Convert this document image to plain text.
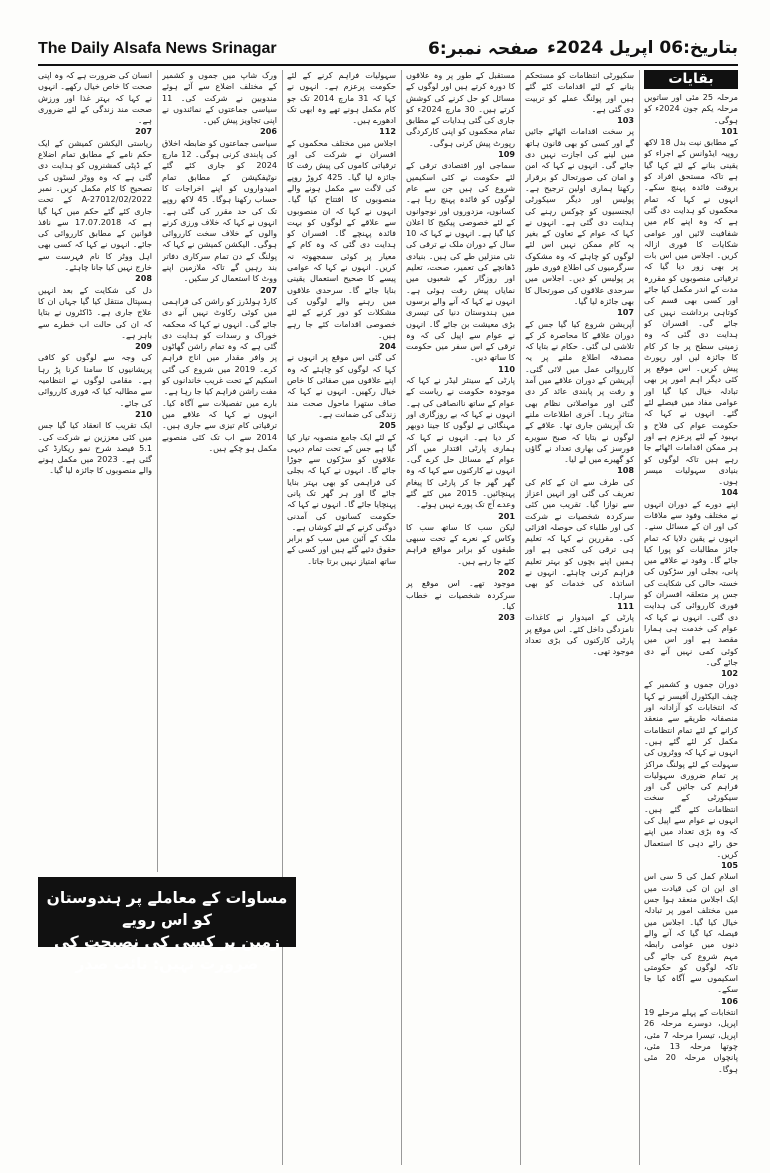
The Daily Alsafa News Srinagar	صفحہ نمبر:6 بتاریخ:06 اپریل 2024ء
بقایات

مرحلہ 25 مئی اور ساتویں مرحلہ یکم جون 2024ء کو ہوگی۔

101

کے مطابق نیت بدل 18 لاکھ روپیہ ایڈوانس کے اجراء کو یقینی بنانے کے لئے کہا گیا ہے تاکہ مستحق افراد کو بروقت فائدہ پہنچ سکے۔ انہوں نے کہا کہ تمام محکموں کو ہدایت دی گئی ہے کہ وہ اپنے کام میں شفافیت لائیں اور عوامی شکایات کا فوری ازالہ کریں۔ اجلاس میں اس بات پر بھی زور دیا گیا کہ ترقیاتی منصوبوں کو مقررہ مدت کے اندر مکمل کیا جائے اور کسی بھی قسم کی کوتاہی برداشت نہیں کی جائے گی۔ افسران کو ہدایت دی گئی کہ وہ زمینی سطح پر جا کر کام کا جائزہ لیں اور رپورٹ پیش کریں۔ اس موقع پر کئی دیگر اہم امور پر بھی تبادلہ خیال کیا گیا اور عوامی مفاد میں فیصلے لئے گئے۔ انہوں نے کہا کہ حکومت عوام کی فلاح و بہبود کے لئے پرعزم ہے اور ہر ممکن اقدامات اٹھائے جا رہے ہیں تاکہ لوگوں کو بنیادی سہولیات میسر ہوں۔

104

اپنے دورے کے دوران انہوں نے مختلف وفود سے ملاقات کی اور ان کے مسائل سنے۔ انہوں نے یقین دلایا کہ تمام جائز مطالبات کو پورا کیا جائے گا۔ وفود نے علاقے میں پانی، بجلی اور سڑکوں کی خستہ حالی کی شکایت کی جس پر متعلقہ افسران کو فوری کارروائی کی ہدایت دی گئی۔ انہوں نے کہا کہ عوام کی خدمت ہی ہمارا مقصد ہے اور اس میں کوئی کمی نہیں آنے دی جائے گی۔

102

دوران جموں و کشمیر کے چیف الیکٹورل آفیسر نے کہا کہ انتخابات کو آزادانہ اور منصفانہ طریقے سے منعقد کرانے کے لئے تمام انتظامات مکمل کر لئے گئے ہیں۔ انہوں نے کہا کہ ووٹروں کی سہولت کے لئے پولنگ مراکز پر تمام ضروری سہولیات فراہم کی جائیں گی اور سیکورٹی کے سخت انتظامات کئے گئے ہیں۔ انہوں نے عوام سے اپیل کی کہ وہ بڑی تعداد میں اپنے حق رائے دہی کا استعمال کریں۔

105

اسلام کمل کی 5 سی اس ای این ان کی قیادت میں ایک اجلاس منعقد ہوا جس میں مختلف امور پر تبادلہ خیال کیا گیا۔ اجلاس میں فیصلہ کیا گیا کہ آنے والے دنوں میں عوامی رابطہ مہم شروع کی جائے گی تاکہ لوگوں کو حکومتی اسکیموں سے آگاہ کیا جا سکے۔

106

انتخابات کے پہلے مرحلے 19 اپریل، دوسرے مرحلہ 26 اپریل، تیسرا مرحلہ 7 مئی، چوتھا مرحلہ 13 مئی، پانچواں مرحلہ 20 مئی ہوگا۔

سکیورٹی انتظامات کو مستحکم بنانے کے لئے اقدامات کئے گئے ہیں اور پولنگ عملے کو تربیت دی گئی ہے۔

103

پر سخت اقدامات اٹھائے جائیں گے اور کسی کو بھی قانون ہاتھ میں لینے کی اجازت نہیں دی جائے گی۔ انہوں نے کہا کہ امن و امان کی صورتحال کو برقرار رکھنا ہماری اولین ترجیح ہے۔ پولیس اور دیگر سیکورٹی ایجنسیوں کو چوکس رہنے کی ہدایت دی گئی ہے۔ انہوں نے کہا کہ عوام کے تعاون کے بغیر یہ کام ممکن نہیں اس لئے لوگوں کو چاہئے کہ وہ مشکوک سرگرمیوں کی اطلاع فوری طور پر پولیس کو دیں۔ اجلاس میں سرحدی علاقوں کی صورتحال کا بھی جائزہ لیا گیا۔

107

آپریشن شروع کیا گیا جس کے دوران علاقے کا محاصرہ کر کے تلاشی لی گئی۔ حکام نے بتایا کہ مصدقہ اطلاع ملنے پر یہ کارروائی عمل میں لائی گئی۔ آپریشن کے دوران علاقے میں آمد و رفت پر پابندی عائد کر دی گئی اور مواصلاتی نظام بھی متاثر رہا۔ آخری اطلاعات ملنے تک آپریشن جاری تھا۔ علاقے کے لوگوں نے بتایا کہ صبح سویرے فورسز کی بھاری تعداد نے گاؤں کو گھیرے میں لے لیا۔

108

کی طرف سے ان کے کام کی تعریف کی گئی اور انہیں اعزاز سے نوازا گیا۔ تقریب میں کئی سرکردہ شخصیات نے شرکت کی اور طلباء کی حوصلہ افزائی کی۔ مقررین نے کہا کہ تعلیم ہی ترقی کی کنجی ہے اور ہمیں اپنے بچوں کو بہتر تعلیم فراہم کرنی چاہئے۔ انہوں نے اساتذہ کی خدمات کو بھی سراہا۔

111

پارٹی کے امیدوار نے کاغذات نامزدگی داخل کئے۔ اس موقع پر پارٹی کارکنوں کی بڑی تعداد موجود تھی۔

مستقبل کے طور پر وہ علاقوں کا دورہ کرتے ہیں اور لوگوں کے مسائل کو حل کرنے کی کوشش کرتے ہیں۔ 30 مارچ 2024ء کو جاری کی گئی ہدایات کے مطابق تمام محکموں کو اپنی کارکردگی رپورٹ پیش کرنی ہوگی۔

109

سماجی اور اقتصادی ترقی کے لئے حکومت نے کئی اسکیمیں شروع کی ہیں جن سے عام لوگوں کو فائدہ پہنچ رہا ہے۔ کسانوں، مزدوروں اور نوجوانوں کے لئے خصوصی پیکیج کا اعلان کیا گیا ہے۔ انہوں نے کہا کہ 10 سال کے دوران ملک نے ترقی کی نئی منزلیں طے کی ہیں۔ بنیادی ڈھانچے کی تعمیر، صحت، تعلیم اور روزگار کے شعبوں میں نمایاں پیش رفت ہوئی ہے۔ انہوں نے کہا کہ آنے والے برسوں میں ہندوستان دنیا کی تیسری بڑی معیشت بن جائے گا۔ انہوں نے عوام سے اپیل کی کہ وہ ترقی کے اس سفر میں حکومت کا ساتھ دیں۔

110

پارٹی کے سینئر لیڈر نے کہا کہ موجودہ حکومت نے ریاست کے عوام کے ساتھ ناانصافی کی ہے۔ انہوں نے کہا کہ بے روزگاری اور مہنگائی نے لوگوں کا جینا دوبھر کر دیا ہے۔ انہوں نے کہا کہ ہماری پارٹی اقتدار میں آکر عوام کے مسائل حل کرے گی۔ انہوں نے کارکنوں سے کہا کہ وہ گھر گھر جا کر پارٹی کا پیغام پہنچائیں۔ 2015 میں کئے گئے وعدے آج تک پورے نہیں ہوئے۔

201

لیکن سب کا ساتھ سب کا وکاس کے نعرے کے تحت سبھی طبقوں کو برابر مواقع فراہم کئے جا رہے ہیں۔

202

موجود تھے۔ اس موقع پر سرکردہ شخصیات نے خطاب کیا۔

203

سہولیات فراہم کرنے کے لئے حکومت پرعزم ہے۔ انہوں نے کہا کہ 31 مارچ 2014 تک جو کام مکمل ہونے تھے وہ ابھی تک ادھورے ہیں۔

112

اجلاس میں مختلف محکموں کے افسران نے شرکت کی اور ترقیاتی کاموں کی پیش رفت کا جائزہ لیا گیا۔ 425 کروڑ روپے کی لاگت سے مکمل ہونے والے منصوبوں کا افتتاح کیا گیا۔ انہوں نے کہا کہ ان منصوبوں سے علاقے کے لوگوں کو بہت فائدہ پہنچے گا۔ افسران کو ہدایت دی گئی کہ وہ کام کے معیار پر کوئی سمجھوتہ نہ کریں۔ انہوں نے کہا کہ عوامی پیسے کا صحیح استعمال یقینی بنایا جائے گا۔ سرحدی علاقوں میں رہنے والے لوگوں کی مشکلات کو دور کرنے کے لئے خصوصی اقدامات کئے جا رہے ہیں۔

204

کی گئی اس موقع پر انہوں نے کہا کہ لوگوں کو چاہئے کہ وہ اپنے علاقوں میں صفائی کا خاص خیال رکھیں۔ انہوں نے کہا کہ صاف ستھرا ماحول صحت مند زندگی کی ضمانت ہے۔

205

کے لئے ایک جامع منصوبہ تیار کیا گیا ہے جس کے تحت تمام دیہی علاقوں کو سڑکوں سے جوڑا جائے گا۔ انہوں نے کہا کہ بجلی کی فراہمی کو بھی بہتر بنایا جائے گا اور ہر گھر تک پانی پہنچایا جائے گا۔ انہوں نے کہا کہ حکومت کسانوں کی آمدنی دوگنی کرنے کے لئے کوشاں ہے۔

ملک کے آئین میں سب کو برابر حقوق دئیے گئے ہیں اور کسی کے ساتھ امتیاز نہیں برتا جاتا۔

ورک شاپ میں جموں و کشمیر کے مختلف اضلاع سے آئے ہوئے مندوبین نے شرکت کی۔ 11 سیاسی جماعتوں کے نمائندوں نے اپنی تجاویز پیش کیں۔

206

سیاسی جماعتوں کو ضابطہ اخلاق کی پابندی کرنی ہوگی۔ 12 مارچ 2024 کو جاری کئے گئے نوٹیفکیشن کے مطابق تمام امیدواروں کو اپنے اخراجات کا حساب رکھنا ہوگا۔ 45 لاکھ روپے تک کی حد مقرر کی گئی ہے۔ انہوں نے کہا کہ خلاف ورزی کرنے والوں کے خلاف سخت کارروائی ہوگی۔ الیکشن کمیشن نے کہا کہ پولنگ کے دن تمام سرکاری دفاتر بند رہیں گے تاکہ ملازمین اپنے ووٹ کا استعمال کر سکیں۔

207

کارڈ ہولڈرز کو راشن کی فراہمی میں کوئی رکاوٹ نہیں آنے دی جائے گی۔ انہوں نے کہا کہ محکمہ خوراک و رسدات کو ہدایت دی گئی ہے کہ وہ تمام راشن گھاٹوں پر وافر مقدار میں اناج فراہم کرے۔ 2019 میں شروع کی گئی اسکیم کے تحت غریب خاندانوں کو مفت راشن فراہم کیا جا رہا ہے۔

بارے میں تفصیلات سے آگاہ کیا۔ انہوں نے کہا کہ علاقے میں ترقیاتی کام تیزی سے جاری ہیں۔ 2014 سے اب تک کئی منصوبے مکمل ہو چکے ہیں۔

انسان کی ضرورت ہے کہ وہ اپنی صحت کا خاص خیال رکھے۔ انہوں نے کہا کہ بہتر غذا اور ورزش صحت مند زندگی کے لئے ضروری ہے۔

207

ریاستی الیکشن کمیشن کے ایک حکم نامے کے مطابق تمام اضلاع کے ڈپٹی کمشنروں کو ہدایت دی گئی ہے کہ وہ ووٹر لسٹوں کی تصحیح کا کام مکمل کریں۔ نمبر A-27012/02/2022 کے تحت جاری کئے گئے حکم میں کہا گیا ہے کہ 17.07.2018 سے نافذ قوانین کے مطابق کارروائی کی جائے۔ انہوں نے کہا کہ کسی بھی اہل ووٹر کا نام فہرست سے خارج نہیں کیا جانا چاہئے۔

208

دل کی شکایت کے بعد انہیں ہسپتال منتقل کیا گیا جہاں ان کا علاج جاری ہے۔ ڈاکٹروں نے بتایا کہ ان کی حالت اب خطرے سے باہر ہے۔

209

کی وجہ سے لوگوں کو کافی پریشانیوں کا سامنا کرنا پڑ رہا ہے۔ مقامی لوگوں نے انتظامیہ سے مطالبہ کیا کہ فوری کارروائی کی جائے۔

210

ایک تقریب کا انعقاد کیا گیا جس میں کئی معززین نے شرکت کی۔ 5.1 فیصد شرح نمو ریکارڈ کی گئی ہے۔ 2023 میں مکمل ہونے والے منصوبوں کا جائزہ لیا گیا۔

مساوات کے معاملے پر ہندوستان کو اس رویے
زمین پر کسی کی نصیحت کی ضرورت نہیں: نائب صدر
